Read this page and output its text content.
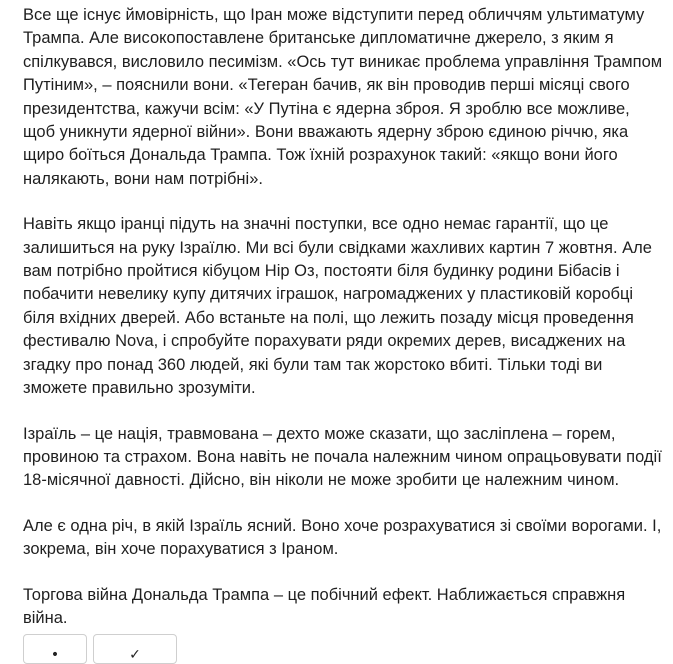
Все ще існує ймовірність, що Іран може відступити перед обличчям ультиматуму Трампа. Але високопоставлене британське дипломатичне джерело, з яким я спілкувався, висловило песимізм. «Ось тут виникає проблема управління Трампом Путіним», – пояснили вони. «Тегеран бачив, як він проводив перші місяці свого президентства, кажучи всім: «У Путіна є ядерна зброя. Я зроблю все можливе, щоб уникнути ядерної війни». Вони вважають ядерну зброю єдиною річчю, яка щиро боїться Дональда Трампа. Тож їхній розрахунок такий: «якщо вони його налякають, вони нам потрібні».

Навіть якщо іранці підуть на значні поступки, все одно немає гарантії, що це залишиться на руку Ізраїлю. Ми всі були свідками жахливих картин 7 жовтня. Але вам потрібно пройтися кібуцом Нір Оз, постояти біля будинку родини Бібасів і побачити невелику купу дитячих іграшок, нагромаджених у пластиковій коробці біля вхідних дверей. Або встаньте на полі, що лежить позаду місця проведення фестивалю Nova, і спробуйте порахувати ряди окремих дерев, висаджених на згадку про понад 360 людей, які були там так жорстоко вбиті. Тільки тоді ви зможете правильно зрозуміти.

Ізраїль – це нація, травмована – дехто може сказати, що засліплена – горем, провиною та страхом. Вона навіть не почала належним чином опрацьовувати події 18-місячної давності. Дійсно, він ніколи не може зробити це належним чином.

Але є одна річ, в якій Ізраїль ясний. Воно хоче розрахуватися зі своїми ворогами. І, зокрема, він хоче порахуватися з Іраном.

Торгова війна Дональда Трампа – це побічний ефект. Наближається справжня війна.

•	✓
